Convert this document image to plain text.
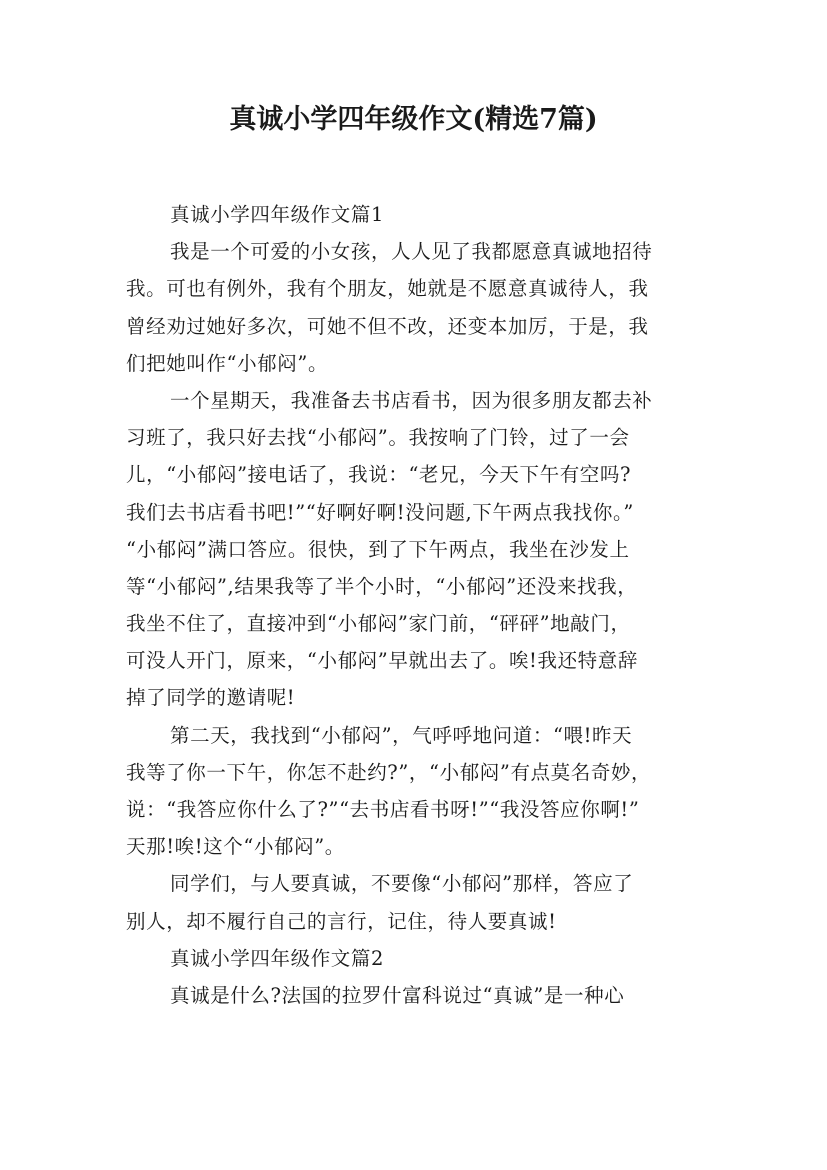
真诚小学四年级作文(精选7篇)
真诚小学四年级作文篇1
我是一个可爱的小女孩，人人见了我都愿意真诚地招待
我。可也有例外，我有个朋友，她就是不愿意真诚待人，我
曾经劝过她好多次，可她不但不改，还变本加厉，于是，我
们把她叫作“小郁闷”。
一个星期天，我准备去书店看书，因为很多朋友都去补
习班了，我只好去找“小郁闷”。我按响了门铃，过了一会
儿，“小郁闷”接电话了，我说：“老兄，今天下午有空吗?
我们去书店看书吧!”“好啊好啊!没问题,下午两点我找你。”
“小郁闷”满口答应。很快，到了下午两点，我坐在沙发上
等“小郁闷”,结果我等了半个小时，“小郁闷”还没来找我，
我坐不住了，直接冲到“小郁闷”家门前，“砰砰”地敲门，
可没人开门，原来，“小郁闷”早就出去了。唉!我还特意辞
掉了同学的邀请呢!
第二天，我找到“小郁闷”，气呼呼地问道：“喂!昨天
我等了你一下午，你怎不赴约?”，“小郁闷”有点莫名奇妙，
说：“我答应你什么了?”“去书店看书呀!”“我没答应你啊!”
天那!唉!这个“小郁闷”。
同学们，与人要真诚，不要像“小郁闷”那样，答应了
别人，却不履行自己的言行，记住，待人要真诚!
真诚小学四年级作文篇2
真诚是什么?法国的拉罗什富科说过“真诚”是一种心
